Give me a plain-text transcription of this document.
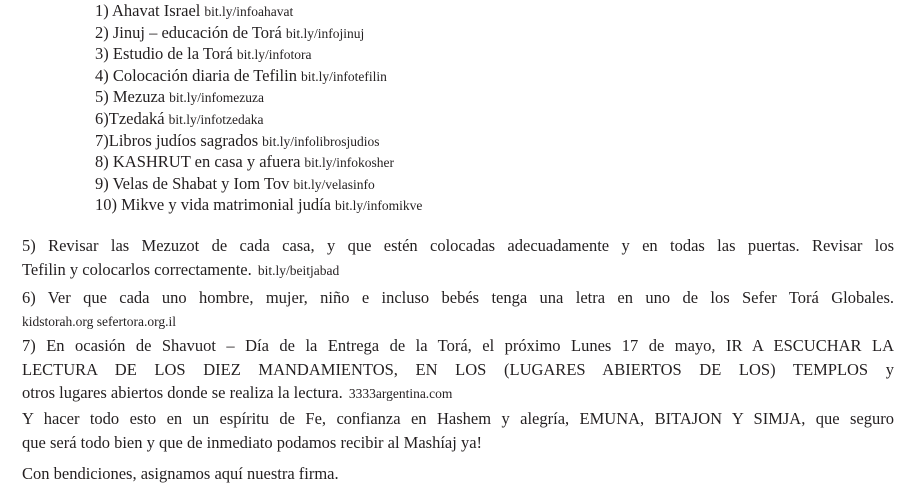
1) Ahavat Israel bit.ly/infoahavat
2) Jinuj – educación de Torá bit.ly/infojinuj
3) Estudio de la Torá bit.ly/infotora
4) Colocación diaria de Tefilin bit.ly/infotefilin
5) Mezuza bit.ly/infomezuza
6)Tzedaká bit.ly/infotzedaka
7)Libros judíos sagrados bit.ly/infolibrosjudios
8) KASHRUT en casa y afuera bit.ly/infokosher
9) Velas de Shabat y Iom Tov bit.ly/velasinfo
10) Mikve y vida matrimonial judía bit.ly/infomikve
5) Revisar las Mezuzot de cada casa, y que estén colocadas adecuadamente y en todas las puertas. Revisar los
Tefilin y colocarlos correctamente. bit.ly/beitjabad
6) Ver que cada uno hombre, mujer, niño e incluso bebés tenga una letra en uno de los Sefer Torá Globales.
kidstorah.org sefertora.org.il
7) En ocasión de Shavuot – Día de la Entrega de la Torá, el próximo Lunes 17 de mayo, IR A ESCUCHAR LA
LECTURA DE LOS DIEZ MANDAMIENTOS, EN LOS (LUGARES ABIERTOS DE LOS) TEMPLOS y
otros lugares abiertos donde se realiza la lectura. 3333argentina.com
Y hacer todo esto en un espíritu de Fe, confianza en Hashem y alegría, EMUNA, BITAJON Y SIMJA, que seguro
que será todo bien y que de inmediato podamos recibir al Mashíaj ya!
Con bendiciones, asignamos aquí nuestra firma.
